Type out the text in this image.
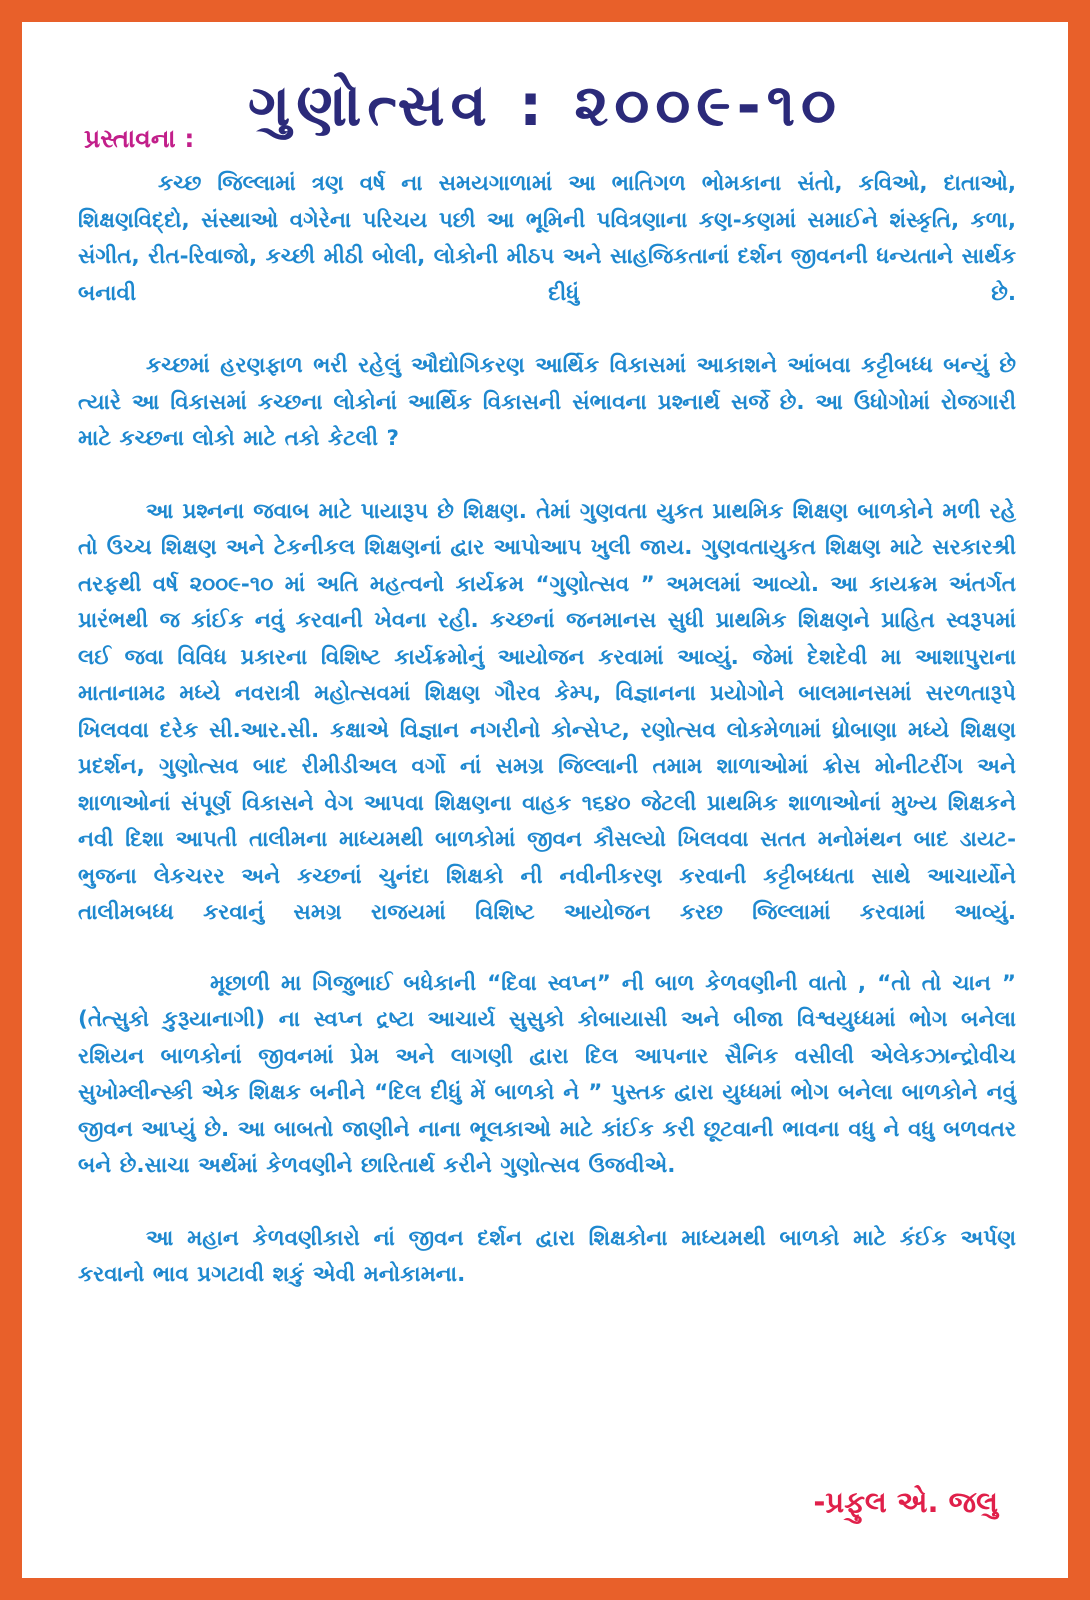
ગુણોત્સવ : ૨૦૦૯-૧૦
પ્રસ્તાવના :

કચ્છ જિલ્લામાં ત્રણ વર્ષ ના સમયગાળામાં આ ભાતિગળ ભોમકાના સંતો, કવિઓ, દાતાઓ, શિક્ષણવિદ્દો, સંસ્થાઓ વગેરેના પરિચય પછી આ ભૂમિની પવિત્રણાના કણ-કણમાં સમાઈને શંસ્કૃતિ, કળા, સંગીત, રીત-રિવાજો, કચ્છી મીઠી બોલી, લોકોની મીઠપ અને સાહજિકતાનાં દર્શન જીવનની ધન્યતાને સાર્થક બનાવી દીધું છે.

કચ્છમાં હરણફાળ ભરી રહેલું ઔદ્યોગિકરણ આર્થિક વિકાસમાં આકાશને આંબવા કટ્ટીબધ્ધ બન્યું છે ત્યારે આ વિકાસમાં કચ્છના લોકોનાં આર્થિક વિકાસની સંભાવના પ્રશ્નાર્થ સર્જે છે. આ ઉધોગોમાં રોજગારી માટે કચ્છના લોકો માટે તકો કેટલી ?

આ પ્રશ્નના જવાબ માટે પાયારૂપ છે શિક્ષણ. તેમાં ગુણવતા યુકત પ્રાથમિક શિક્ષણ બાળકોને મળી રહે તો ઉચ્ચ શિક્ષણ અને ટેકનીકલ શિક્ષણનાં દ્વાર આપોઆપ ખુલી જાય. ગુણવતાયુકત શિક્ષણ માટે સરકારશ્રી તરફથી વર્ષ ૨૦૦૯-૧૦ માં અતિ મહત્વનો કાર્યક્રમ “ગુણોત્સવ ” અમલમાં આવ્યો. આ કાયક્રમ અંતર્ગત પ્રારંભથી જ કાંઈક નવું કરવાની ખેવના રહી. કચ્છનાં જનમાનસ સુધી પ્રાથમિક શિક્ષણને પ્રાહિત સ્વરૂપમાં લઈ જવા વિવિધ પ્રકારના વિશિષ્ટ કાર્યક્રમોનું આયોજન કરવામાં આવ્યું. જેમાં દેશદેવી મા આશાપુરાના માતાનામઢ મધ્યે નવરાત્રી મહોત્સવમાં શિક્ષણ ગૌરવ કેમ્પ, વિજ્ઞાનના પ્રયોગોને બાલમાનસમાં સરળતારૂપે ખિલવવા દરેક સી.આર.સી. કક્ષાએ વિજ્ઞાન નગરીનો કોન્સેપ્ટ, રણોત્સવ લોકમેળામાં ધ્રોબાણા મધ્યે શિક્ષણ પ્રદર્શન, ગુણોત્સવ બાદ રીમીડીઅલ વર્ગો નાં સમગ્ર જિલ્લાની તમામ શાળાઓમાં ક્રોસ મોનીટરીંગ અને શાળાઓનાં સંપૂર્ણ વિકાસને વેગ આપવા શિક્ષણના વાહક ૧૬૪૦ જેટલી પ્રાથમિક શાળાઓનાં મુખ્ય શિક્ષકને નવી દિશા આપતી તાલીમના માધ્યમથી બાળકોમાં જીવન કૌસલ્યો ખિલવવા સતત મનોમંથન બાદ ડાયટ-ભુજના લેકચરર અને કચ્છનાં ચુનંદા શિક્ષકો ની નવીનીકરણ કરવાની કટ્ટીબધ્ધતા સાથે આચાર્યોને તાલીમબધ્ધ કરવાનું સમગ્ર રાજયમાં વિશિષ્ટ આયોજન કરછ જિલ્લામાં કરવામાં આવ્યું.

મૂછાળી મા ગિજુભાઈ બધેકાની “દિવા સ્વપ્ન” ની બાળ કેળવણીની વાતો , “તો તો ચાન ” (તેત્સુકો કુરૂયાનાગી) ના સ્વપ્ન દ્રષ્ટા આચાર્ય સુસુકો કોબાયાસી અને બીજા વિશ્વયુધ્ધમાં ભોગ બનેલા રશિયન બાળકોનાં જીવનમાં પ્રેમ અને લાગણી દ્વારા દિલ આપનાર સૈનિક વસીલી એલેકઝાન્દ્રોવીચ સુખોમ્લીન્સ્કી એક શિક્ષક બનીને “દિલ દીધું મેં બાળકો ને ” પુસ્તક દ્વારા યુધ્ધમાં ભોગ બનેલા બાળકોને નવું જીવન આપ્યું છે. આ બાબતો જાણીને નાના ભૂલકાઓ માટે કાંઈક કરી છૂટવાની ભાવના વધુ ને વધુ બળવતર બને છે.સાચા અર્થમાં કેળવણીને છારિતાર્થ કરીને ગુણોત્સવ ઉજવીએ.

આ મહાન કેળવણીકારો નાં જીવન દર્શન દ્વારા શિક્ષકોના માધ્યમથી બાળકો માટે કંઈક અર્પણ કરવાનો ભાવ પ્રગટાવી શકું એવી મનોકામના.

-પ્રફુલ એ. જલુ
